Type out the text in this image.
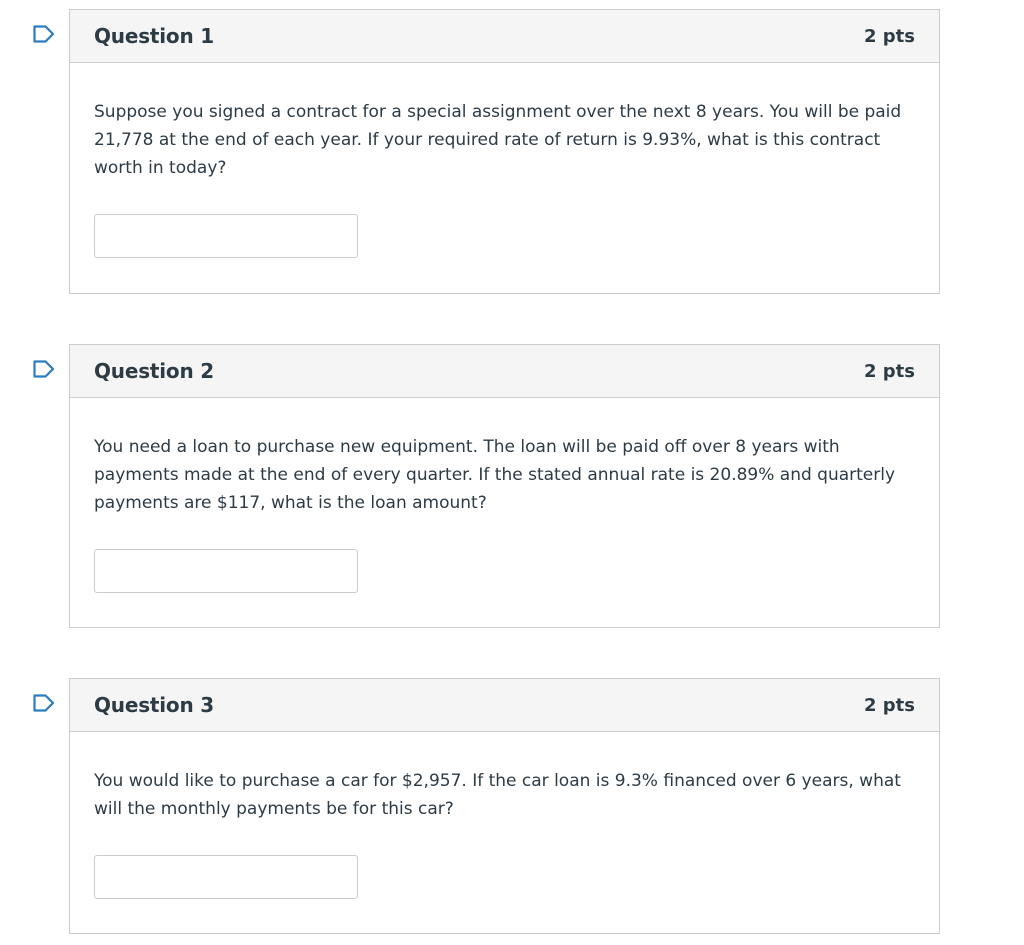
Question 1	2 pts

Suppose you signed a contract for a special assignment over the next 8 years. You will be paid 21,778 at the end of each year. If your required rate of return is 9.93%, what is this contract worth in today?

Question 2	2 pts

You need a loan to purchase new equipment. The loan will be paid off over 8 years with payments made at the end of every quarter. If the stated annual rate is 20.89% and quarterly payments are $117, what is the loan amount?

Question 3	2 pts

You would like to purchase a car for $2,957. If the car loan is 9.3% financed over 6 years, what will the monthly payments be for this car?
